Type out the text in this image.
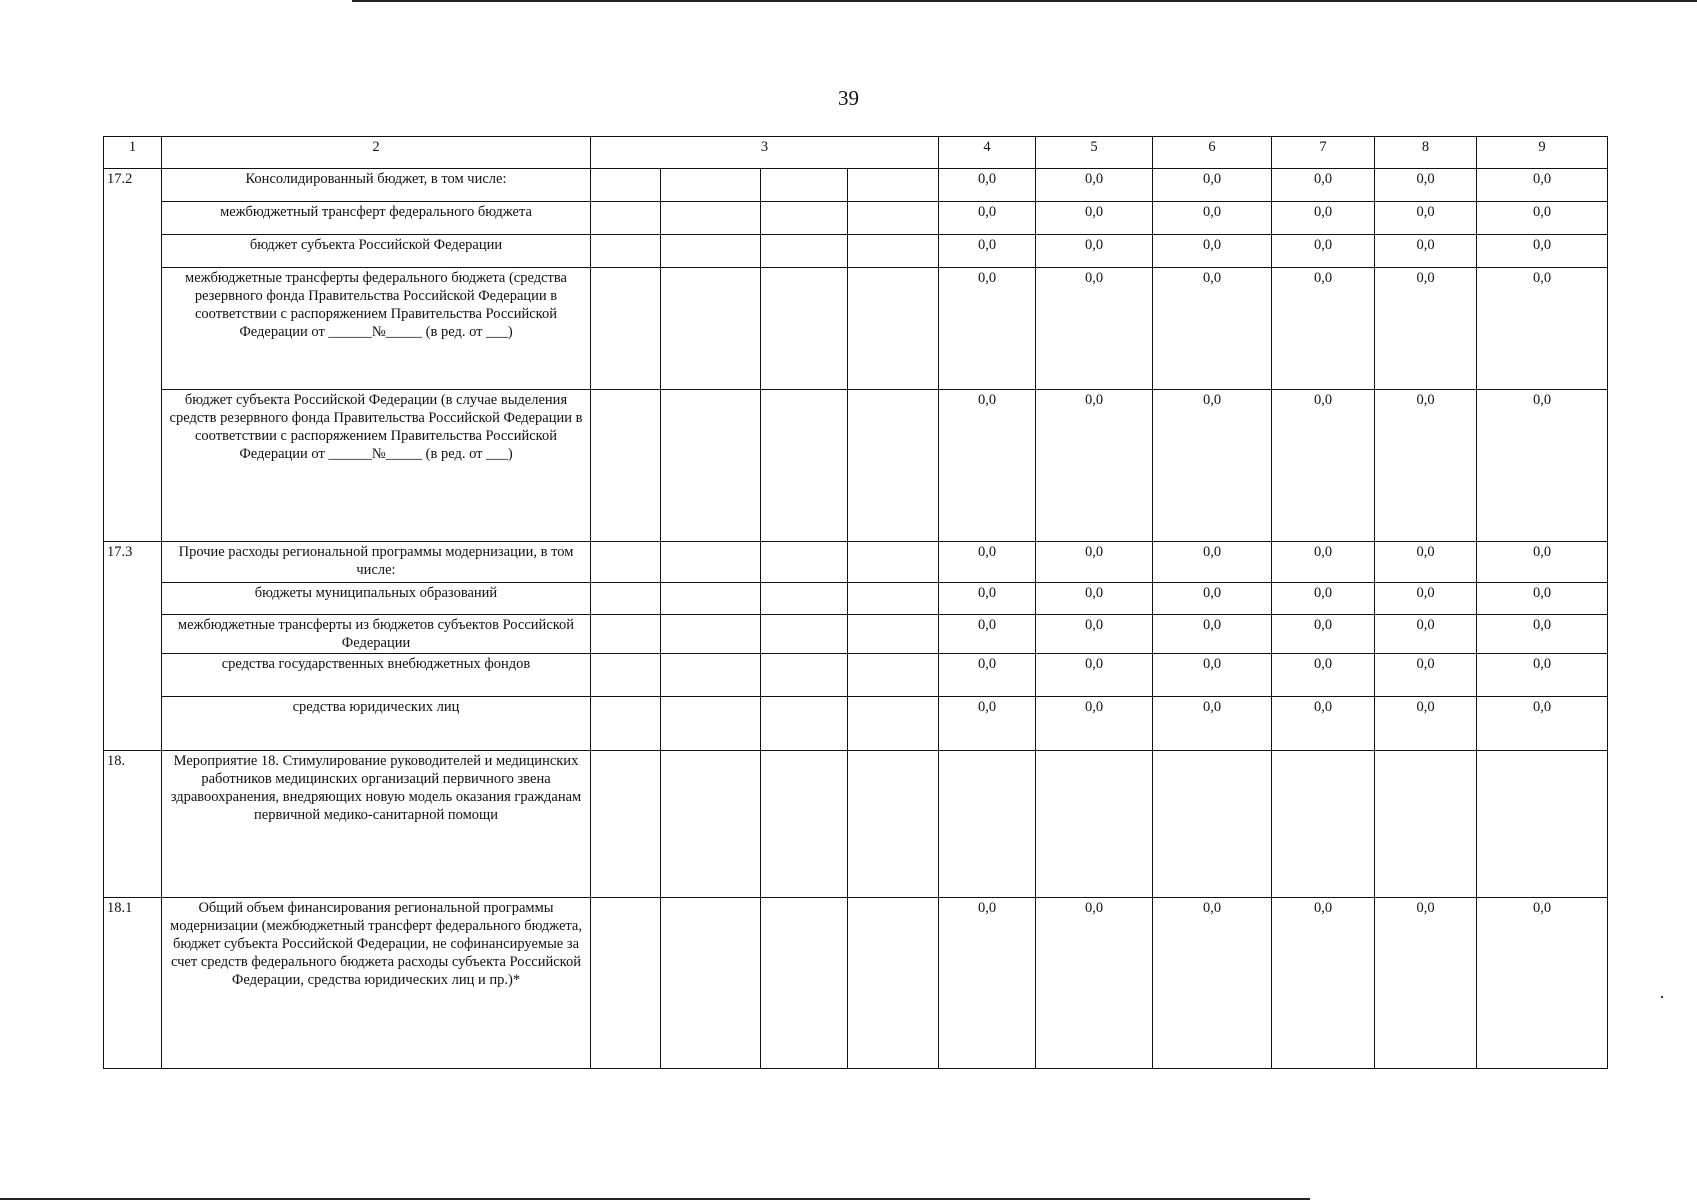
39
1	2	3				4	5	6	7	8	9
17.2	Консолидированный бюджет, в том числе:					0,0	0,0	0,0	0,0	0,0	0,0
	межбюджетный трансферт федерального бюджета					0,0	0,0	0,0	0,0	0,0	0,0
	бюджет субъекта Российской Федерации					0,0	0,0	0,0	0,0	0,0	0,0
	межбюджетные трансферты федерального бюджета (средства резервного фонда Правительства Российской Федерации в соответствии с распоряжением Правительства Российской Федерации от ______№_____ (в ред. от ___)					0,0	0,0	0,0	0,0	0,0	0,0
	бюджет субъекта Российской Федерации (в случае выделения средств резервного фонда Правительства Российской Федерации в соответствии с распоряжением Правительства Российской Федерации от ______№_____ (в ред. от ___)					0,0	0,0	0,0	0,0	0,0	0,0
17.3	Прочие расходы региональной программы модернизации, в том числе:					0,0	0,0	0,0	0,0	0,0	0,0
	бюджеты муниципальных образований					0,0	0,0	0,0	0,0	0,0	0,0
	межбюджетные трансферты из бюджетов субъектов Российской Федерации					0,0	0,0	0,0	0,0	0,0	0,0
	средства государственных внебюджетных фондов					0,0	0,0	0,0	0,0	0,0	0,0
	средства юридических лиц					0,0	0,0	0,0	0,0	0,0	0,0
18.	Мероприятие 18. Стимулирование руководителей и медицинских работников медицинских организаций первичного звена здравоохранения, внедряющих новую модель оказания гражданам первичной медико-санитарной помощи										
18.1	Общий объем финансирования региональной программы модернизации (межбюджетный трансферт федерального бюджета, бюджет субъекта Российской Федерации, не софинансируемые за счет средств федерального бюджета расходы субъекта Российской Федерации, средства юридических лиц и пр.)*					0,0	0,0	0,0	0,0	0,0	0,0
